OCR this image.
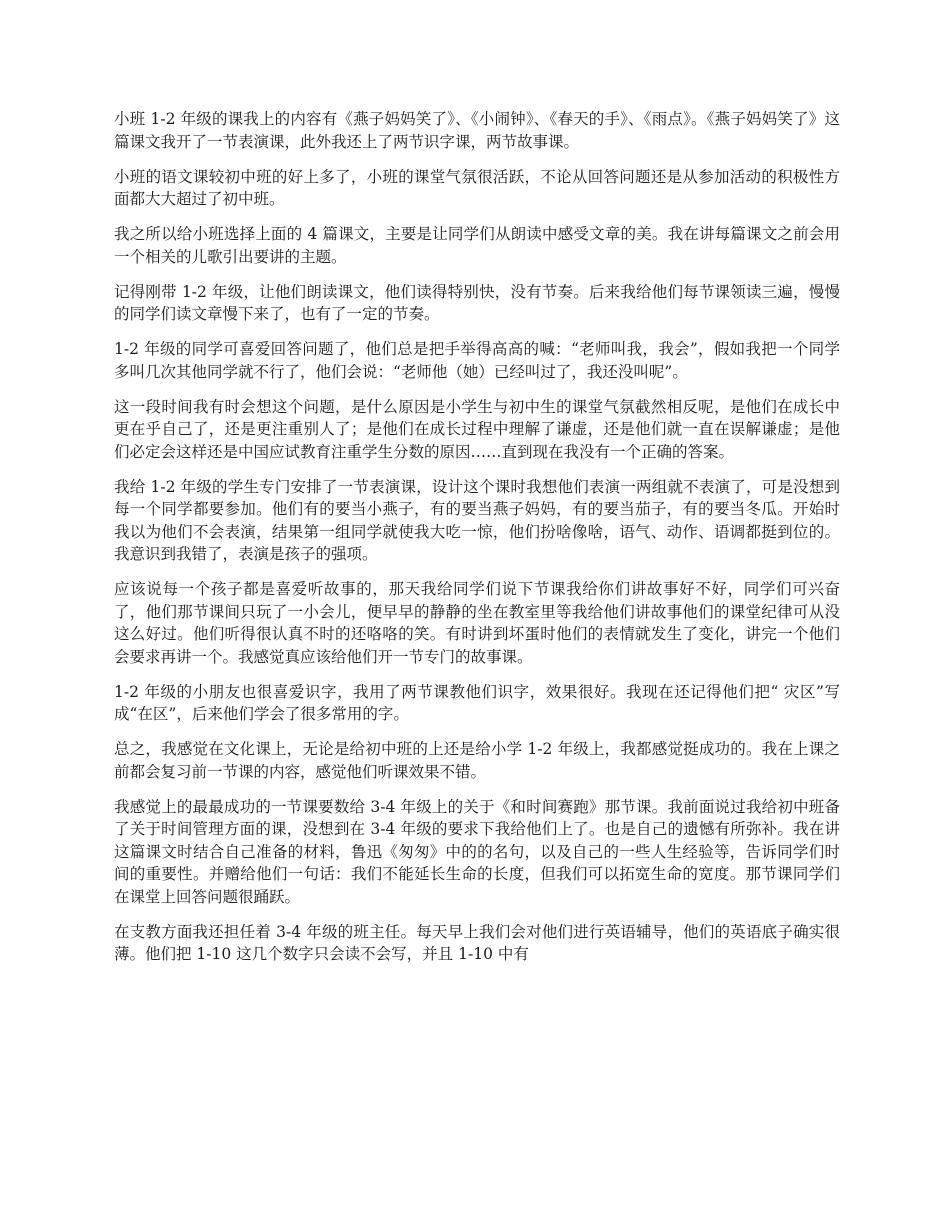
小班 1-2 年级的课我上的内容有《燕子妈妈笑了》、《小闹钟》、《春天的手》、《雨点》。《燕子妈妈笑了》这篇课文我开了一节表演课，此外我还上了两节识字课，两节故事课。

小班的语文课较初中班的好上多了，小班的课堂气氛很活跃，不论从回答问题还是从参加活动的积极性方面都大大超过了初中班。

我之所以给小班选择上面的 4 篇课文，主要是让同学们从朗读中感受文章的美。我在讲每篇课文之前会用一个相关的儿歌引出要讲的主题。

记得刚带 1-2 年级，让他们朗读课文，他们读得特别快，没有节奏。后来我给他们每节课领读三遍，慢慢的同学们读文章慢下来了，也有了一定的节奏。

1-2 年级的同学可喜爱回答问题了，他们总是把手举得高高的喊：“老师叫我，我会”，假如我把一个同学多叫几次其他同学就不行了，他们会说：“老师他（她）已经叫过了，我还没叫呢”。

这一段时间我有时会想这个问题，是什么原因是小学生与初中生的课堂气氛截然相反呢，是他们在成长中更在乎自己了，还是更注重别人了；是他们在成长过程中理解了谦虚，还是他们就一直在误解谦虚；是他们必定会这样还是中国应试教育注重学生分数的原因……直到现在我没有一个正确的答案。

我给 1-2 年级的学生专门安排了一节表演课，设计这个课时我想他们表演一两组就不表演了，可是没想到每一个同学都要参加。他们有的要当小燕子，有的要当燕子妈妈，有的要当茄子，有的要当冬瓜。开始时我以为他们不会表演，结果第一组同学就使我大吃一惊，他们扮啥像啥，语气、动作、语调都挺到位的。我意识到我错了，表演是孩子的强项。

应该说每一个孩子都是喜爱听故事的，那天我给同学们说下节课我给你们讲故事好不好，同学们可兴奋了，他们那节课间只玩了一小会儿，便早早的静静的坐在教室里等我给他们讲故事他们的课堂纪律可从没这么好过。他们听得很认真不时的还咯咯的笑。有时讲到坏蛋时他们的表情就发生了变化，讲完一个他们会要求再讲一个。我感觉真应该给他们开一节专门的故事课。

1-2 年级的小朋友也很喜爱识字，我用了两节课教他们识字，效果很好。我现在还记得他们把“ 灾区”写成“在区”，后来他们学会了很多常用的字。

总之，我感觉在文化课上，无论是给初中班的上还是给小学 1-2 年级上，我都感觉挺成功的。我在上课之前都会复习前一节课的内容，感觉他们听课效果不错。

我感觉上的最最成功的一节课要数给 3-4 年级上的关于《和时间赛跑》那节课。我前面说过我给初中班备了关于时间管理方面的课，没想到在 3-4 年级的要求下我给他们上了。也是自己的遗憾有所弥补。我在讲这篇课文时结合自己准备的材料，鲁迅《匆匆》中的的名句，以及自己的一些人生经验等，告诉同学们时间的重要性。并赠给他们一句话：我们不能延长生命的长度，但我们可以拓宽生命的宽度。那节课同学们在课堂上回答问题很踊跃。

在支教方面我还担任着 3-4 年级的班主任。每天早上我们会对他们进行英语辅导，他们的英语底子确实很薄。他们把 1-10 这几个数字只会读不会写，并且 1-10 中有
